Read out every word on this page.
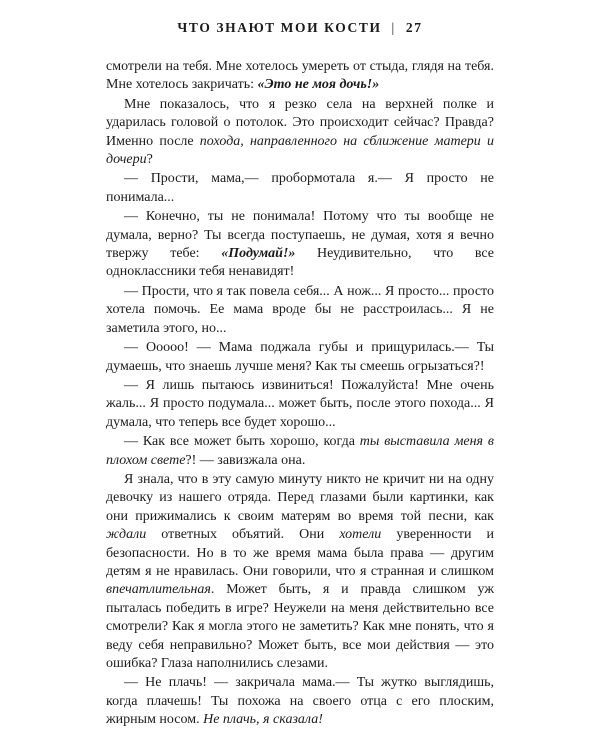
ЧТО ЗНАЮТ МОИ КОСТИ | 27

смотрели на тебя. Мне хотелось умереть от стыда, глядя на тебя. Мне хотелось закричать: «Это не моя дочь!»

Мне показалось, что я резко села на верхней полке и ударилась головой о потолок. Это происходит сейчас? Правда? Именно после похода, направленного на сближение матери и дочери?

— Прости, мама,— пробормотала я.— Я просто не понимала...

— Конечно, ты не понимала! Потому что ты вообще не думала, верно? Ты всегда поступаешь, не думая, хотя я вечно твержу тебе: «Подумай!» Неудивительно, что все одноклассники тебя ненавидят!

— Прости, что я так повела себя... А нож... Я просто... просто хотела помочь. Ее мама вроде бы не расстроилась... Я не заметила этого, но...

— Ооооо! — Мама поджала губы и прищурилась.— Ты думаешь, что знаешь лучше меня? Как ты смеешь огрызаться?!

— Я лишь пытаюсь извиниться! Пожалуйста! Мне очень жаль... Я просто подумала... может быть, после этого похода... Я думала, что теперь все будет хорошо...

— Как все может быть хорошо, когда ты выставила меня в плохом свете?! — завизжала она.

Я знала, что в эту самую минуту никто не кричит ни на одну девочку из нашего отряда. Перед глазами были картинки, как они прижимались к своим матерям во время той песни, как ждали ответных объятий. Они хотели уверенности и безопасности. Но в то же время мама была права — другим детям я не нравилась. Они говорили, что я странная и слишком впечатлительная. Может быть, я и правда слишком уж пыталась победить в игре? Неужели на меня действительно все смотрели? Как я могла этого не заметить? Как мне понять, что я веду себя неправильно? Может быть, все мои действия — это ошибка? Глаза наполнились слезами.

— Не плачь! — закричала мама.— Ты жутко выглядишь, когда плачешь! Ты похожа на своего отца с его плоским, жирным носом. Не плачь, я сказала!
